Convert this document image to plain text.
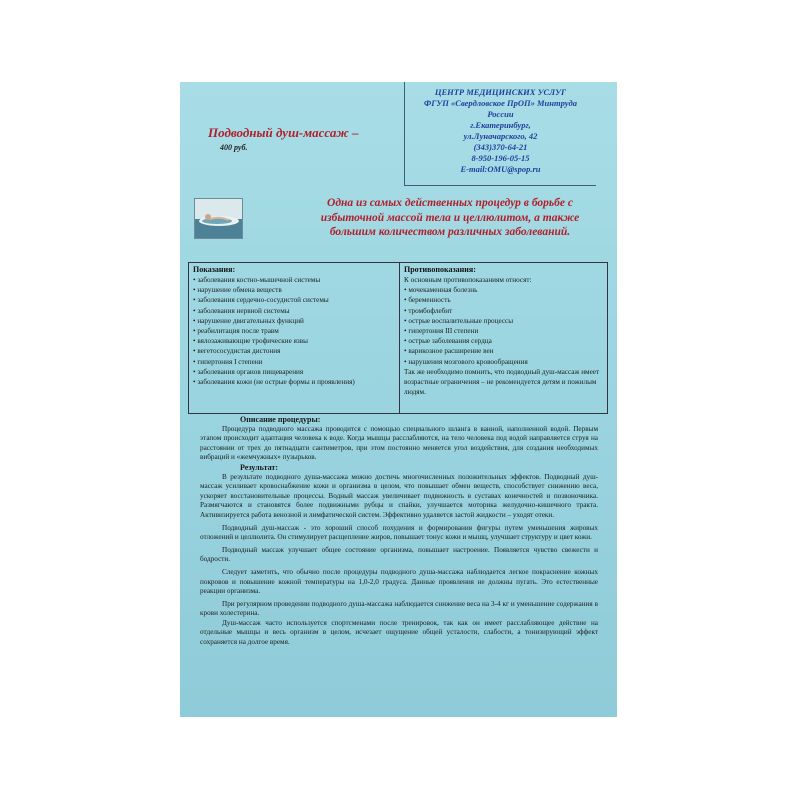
Подводный душ-массаж –
400 руб.
ЦЕНТР МЕДИЦИНСКИХ УСЛУГ
ФГУП «Свердловское ПрОП» Минтруда
России
г.Екатеринбург,
ул.Луначарского, 42
(343)370-64-21
8-950-196-05-15
E-mail:OMU@spop.ru
Одна из самых действенных процедур в борьбе с
избыточной массой тела и целлюлитом, а также
большим количеством различных заболеваний.
Показания:
• заболевания костно-мышечной системы
• нарушение обмена веществ
• заболевания сердечно-сосудистой системы
• заболевания нервной системы
• нарушение двигательных функций
• реабилитация после травм
• вялозаживающие трофические язвы
• вегетососудистая дистония
• гипертония I степени
• заболевания органов пищеварения
• заболевания кожи (не острые формы и проявления)
Противопоказания:
К основным противопоказаниям относят:
• мочекаменная болезнь
• беременность
• тромбофлебит
• острые воспалительные процессы
• гипертония III степени
• острые заболевания сердца
• варикозное расширение вен
• нарушения мозгового кровообращения
Так же необходимо помнить, что подводный душ-массаж имеет возрастные ограничения – не рекомендуется детям и пожилым людям.
Описание процедуры:

Процедура подводного массажа проводится с помощью специального шланга в ванной, наполненной водой. Первым этапом происходит адаптация человека к воде. Когда мышцы расслабляются, на тело человека под водой направляется струя на расстоянии от трех до пятнадцати сантиметров, при этом постоянно меняется угол воздействия, для создания необходимых вибраций и «жемчужных» пузырьков.

Результат:

В результате подводного душа-массажа можно достичь многочисленных положительных эффектов. Подводный душ-массаж усиливает кровоснабжение кожи и организма в целом, что повышает обмен веществ, способствует снижению веса, ускоряет восстановительные процессы. Водный массаж увеличивает подвижность в суставах конечностей и позвоночника. Размягчаются и становятся более подвижными рубцы и спайки, улучшается моторика желудочно-кишечного тракта. Активизируется работа венозной и лимфатической систем. Эффективно удаляется застой жидкости – уходят отеки.

Подводный душ-массаж - это хороший способ похудения и формирования фигуры путем уменьшения жировых отложений и целлюлита. Он стимулирует расщепление жиров, повышает тонус кожи и мышц, улучшает структуру и цвет кожи.

Подводный массаж улучшает общее состояние организма, повышает настроение. Появляется чувство свежести и бодрости.

Следует заметить, что обычно после процедуры подводного душа-массажа наблюдается легкое покраснение кожных покровов и повышение кожной температуры на 1,0-2,0 градуса. Данные проявления не должны пугать. Это естественные реакции организма.

При регулярном проведении подводного душа-массажа наблюдается снижение веса на 3-4 кг и уменьшение содержания в крови холестерина.

Душ-массаж часто используется спортсменами после тренировок, так как он имеет расслабляющее действие на отдельные мышцы и весь организм в целом, исчезает ощущение общей усталости, слабости, а тонизирующий эффект сохраняется на долгое время.
